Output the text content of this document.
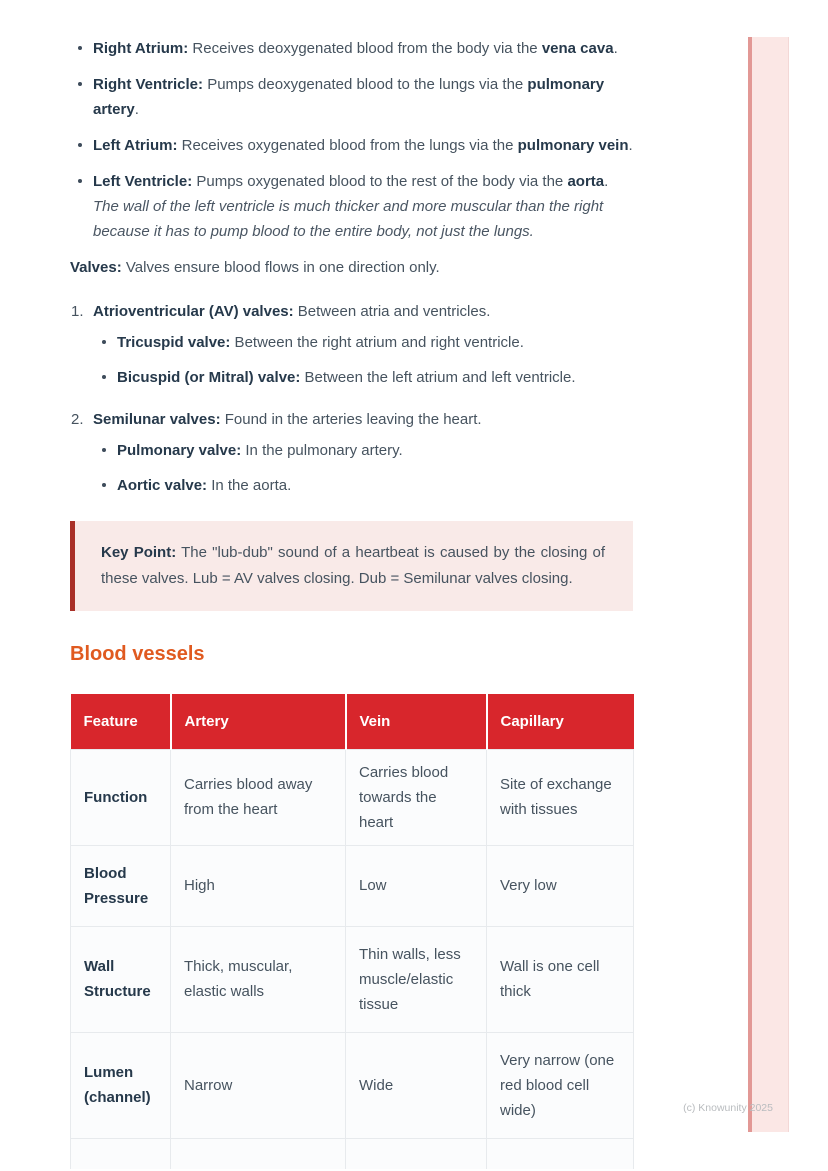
Right Atrium: Receives deoxygenated blood from the body via the vena cava.
Right Ventricle: Pumps deoxygenated blood to the lungs via the pulmonary artery.
Left Atrium: Receives oxygenated blood from the lungs via the pulmonary vein.
Left Ventricle: Pumps oxygenated blood to the rest of the body via the aorta.
The wall of the left ventricle is much thicker and more muscular than the right because it has to pump blood to the entire body, not just the lungs.

Valves: Valves ensure blood flows in one direction only.

1. Atrioventricular (AV) valves: Between atria and ventricles.
Tricuspid valve: Between the right atrium and right ventricle.
Bicuspid (or Mitral) valve: Between the left atrium and left ventricle.
2. Semilunar valves: Found in the arteries leaving the heart.
Pulmonary valve: In the pulmonary artery.
Aortic valve: In the aorta.
Key Point: The "lub-dub" sound of a heartbeat is caused by the closing of these valves. Lub = AV valves closing. Dub = Semilunar valves closing.
Blood vessels
Feature	Artery	Vein	Capillary
Function	Carries blood away from the heart	Carries blood towards the heart	Site of exchange with tissues
Blood Pressure	High	Low	Very low
Wall Structure	Thick, muscular, elastic walls	Thin walls, less muscle/elastic tissue	Wall is one cell thick
Lumen (channel)	Narrow	Wide	Very narrow (one red blood cell wide)
				(c) Knowunity 2025
